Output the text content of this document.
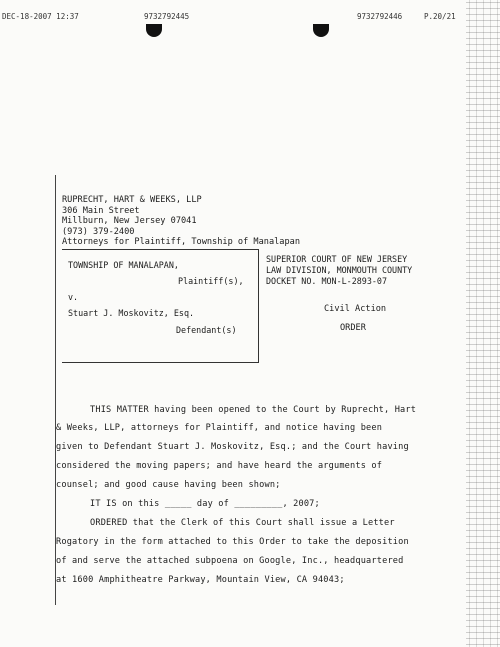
DEC-18-2007 12:37	9732792445	9732792446	P.20/21
RUPRECHT, HART & WEEKS, LLP
306 Main Street
Millburn, New Jersey 07041
(973) 379-2400
Attorneys for Plaintiff, Township of Manalapan
TOWNSHIP OF MANALAPAN,
Plaintiff(s),
v.
Stuart J. Moskovitz, Esq.
Defendant(s)
SUPERIOR COURT OF NEW JERSEY
LAW DIVISION, MONMOUTH COUNTY
DOCKET NO. MON-L-2893-07
Civil Action
ORDER
THIS MATTER having been opened to the Court by Ruprecht, Hart
& Weeks, LLP, attorneys for Plaintiff, and notice having been
given to Defendant Stuart J. Moskovitz, Esq.; and the Court having
considered the moving papers; and have heard the arguments of
counsel; and good cause having been shown;
IT IS on this _____ day of _________, 2007;
ORDERED that the Clerk of this Court shall issue a Letter
Rogatory in the form attached to this Order to take the deposition
of and serve the attached subpoena on Google, Inc., headquartered
at 1600 Amphitheatre Parkway, Mountain View, CA 94043;
